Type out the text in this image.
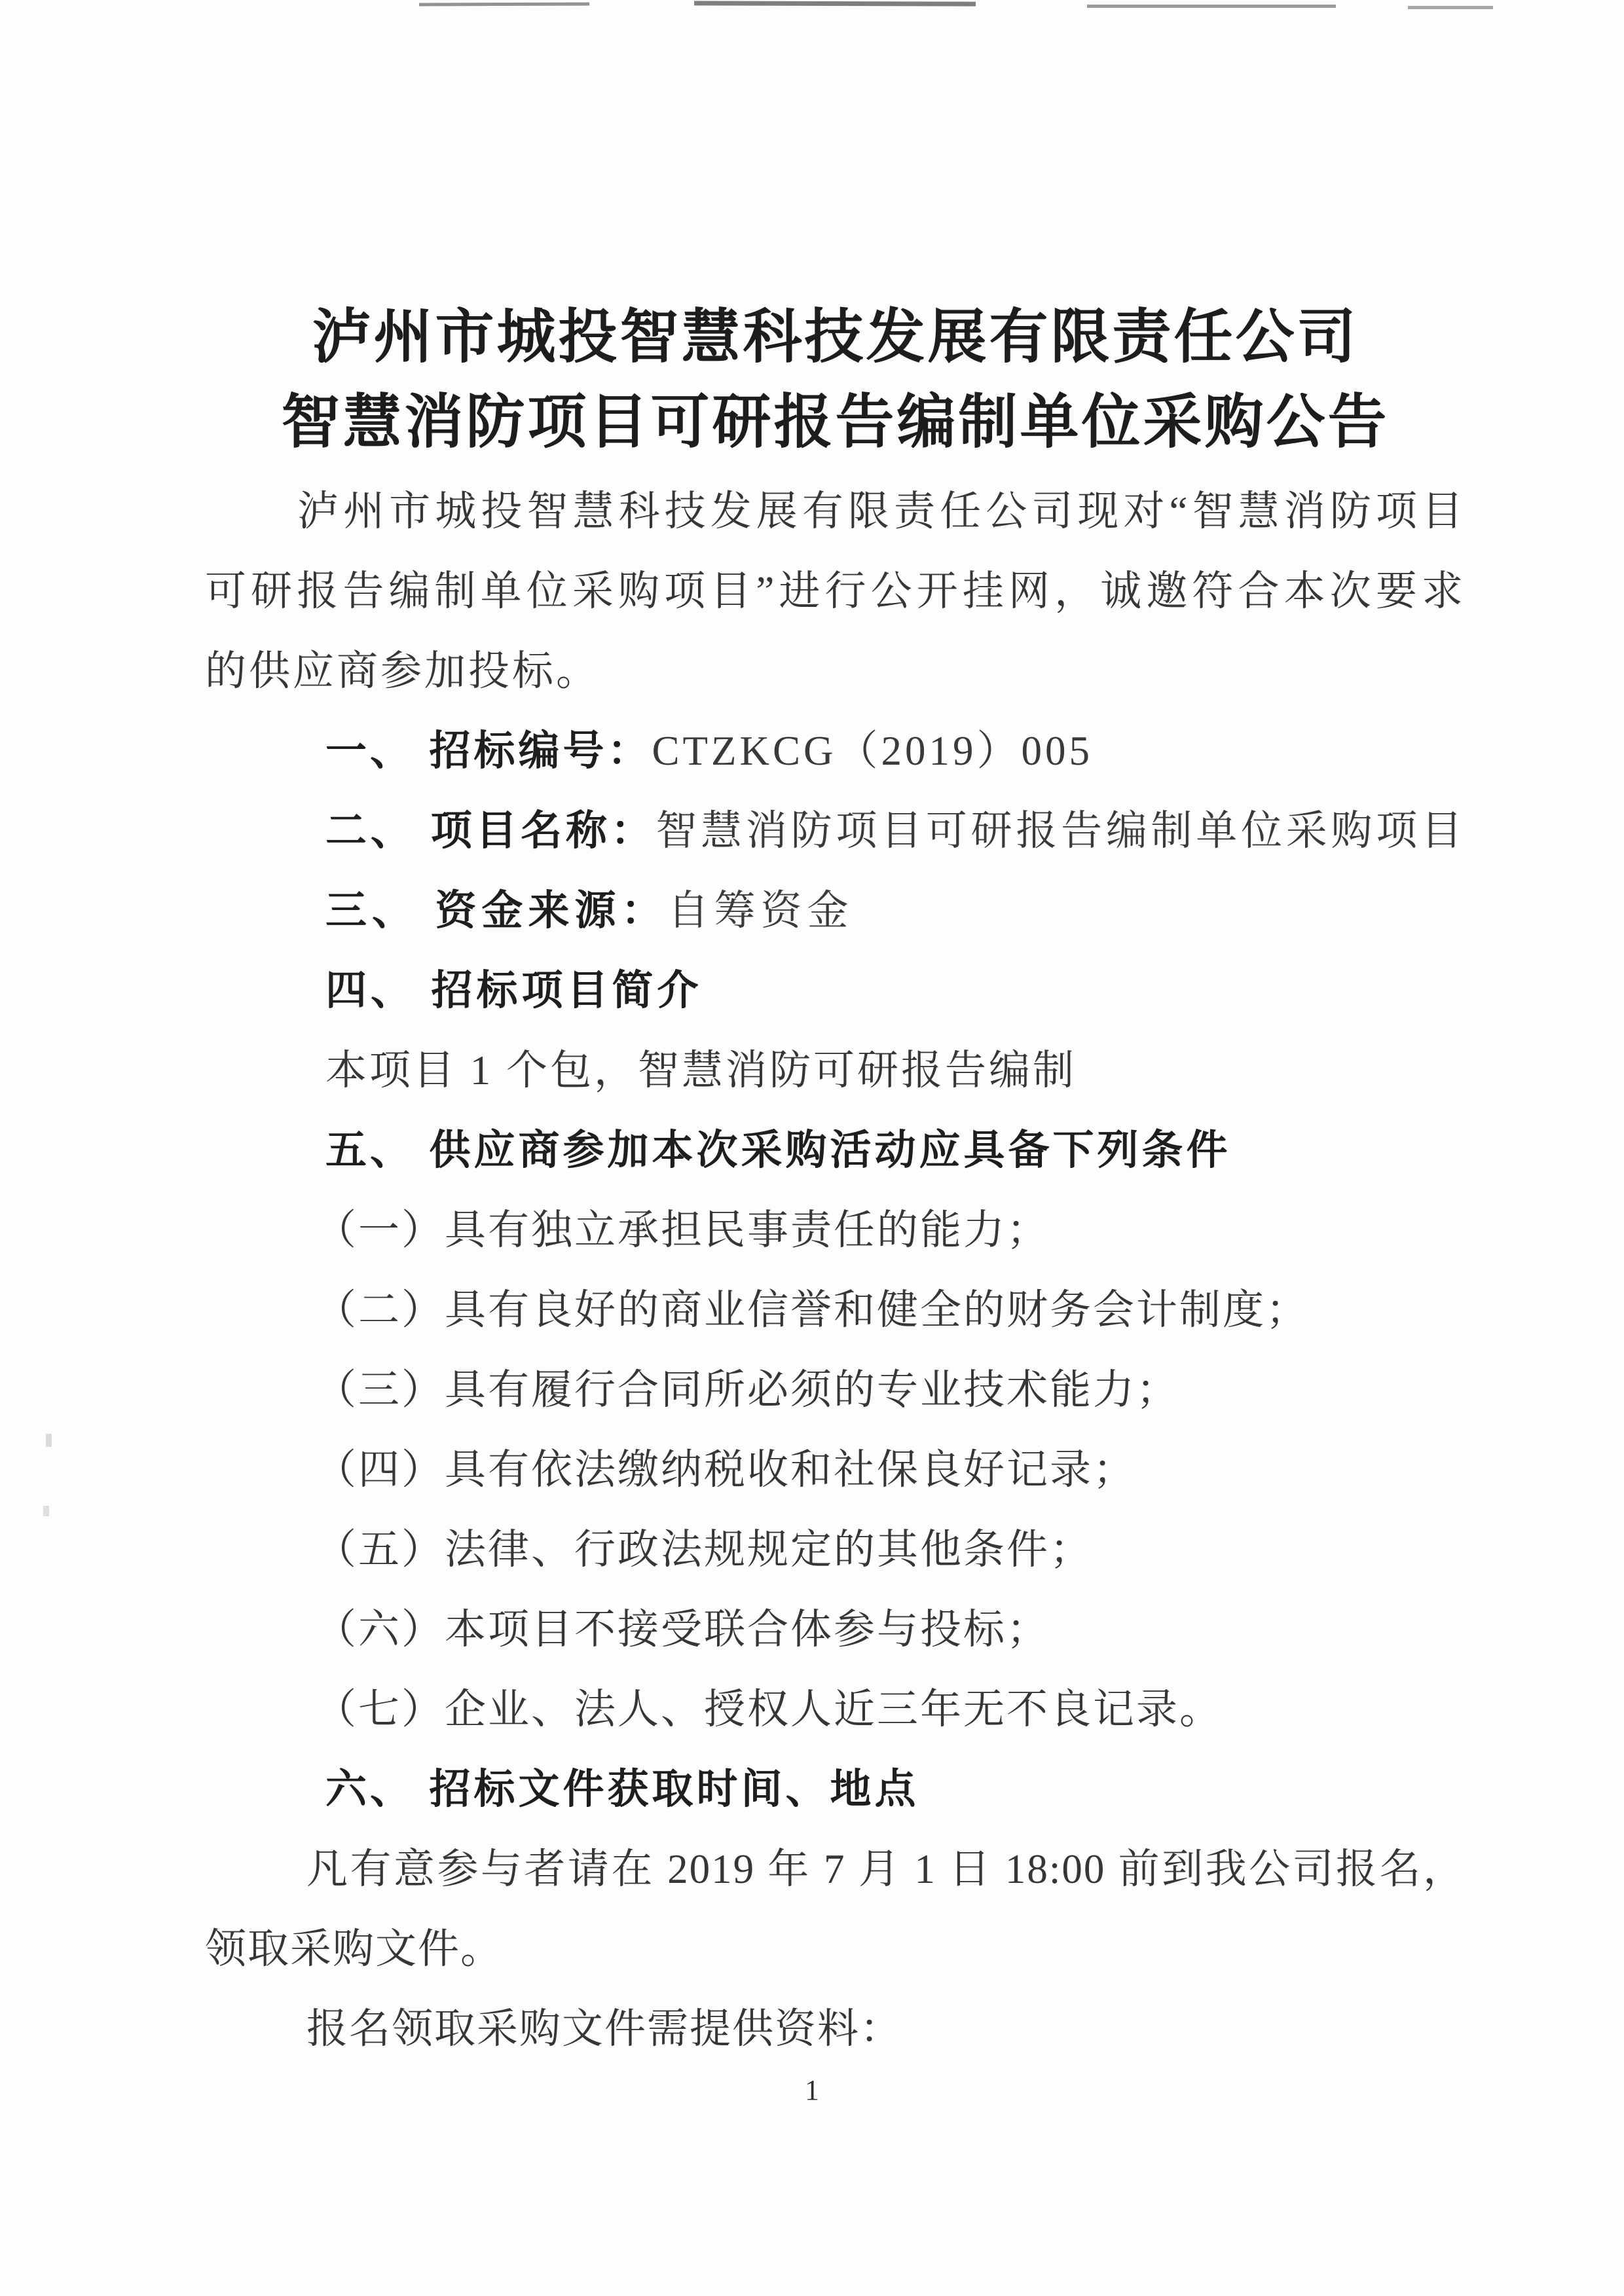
泸州市城投智慧科技发展有限责任公司
智慧消防项目可研报告编制单位采购公告
泸州市城投智慧科技发展有限责任公司现对“智慧消防项目
可研报告编制单位采购项目”进行公开挂网，诚邀符合本次要求
的供应商参加投标。
一、 招标编号：CTZKCG（2019）005
二、 项目名称：智慧消防项目可研报告编制单位采购项目
三、 资金来源：自筹资金
四、 招标项目简介
本项目 1 个包，智慧消防可研报告编制
五、 供应商参加本次采购活动应具备下列条件
（一）具有独立承担民事责任的能力；
（二）具有良好的商业信誉和健全的财务会计制度；
（三）具有履行合同所必须的专业技术能力；
（四）具有依法缴纳税收和社保良好记录；
（五）法律、行政法规规定的其他条件；
（六）本项目不接受联合体参与投标；
（七）企业、法人、授权人近三年无不良记录。
六、 招标文件获取时间、地点
凡有意参与者请在 2019 年 7 月 1 日 18:00 前到我公司报名，
领取采购文件。
报名领取采购文件需提供资料：
1
